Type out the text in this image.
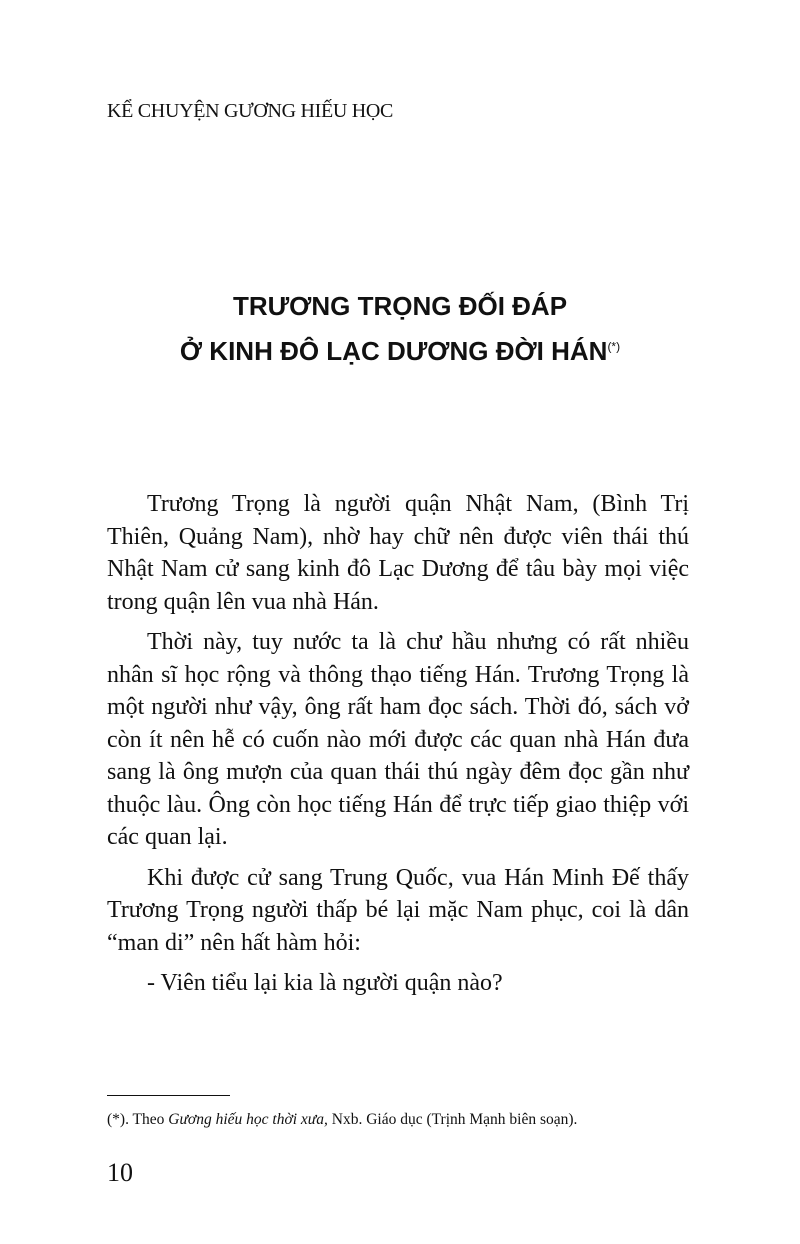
KỂ CHUYỆN GƯƠNG HIẾU HỌC
TRƯƠNG TRỌNG ĐỐI ĐÁP
Ở KINH ĐÔ LẠC DƯƠNG ĐỜI HÁN(*)

Trương Trọng là người quận Nhật Nam, (Bình Trị Thiên, Quảng Nam), nhờ hay chữ nên được viên thái thú Nhật Nam cử sang kinh đô Lạc Dương để tâu bày mọi việc trong quận lên vua nhà Hán.

Thời này, tuy nước ta là chư hầu nhưng có rất nhiều nhân sĩ học rộng và thông thạo tiếng Hán. Trương Trọng là một người như vậy, ông rất ham đọc sách. Thời đó, sách vở còn ít nên hễ có cuốn nào mới được các quan nhà Hán đưa sang là ông mượn của quan thái thú ngày đêm đọc gần như thuộc làu. Ông còn học tiếng Hán để trực tiếp giao thiệp với các quan lại.

Khi được cử sang Trung Quốc, vua Hán Minh Đế thấy Trương Trọng người thấp bé lại mặc Nam phục, coi là dân “man di” nên hất hàm hỏi:

- Viên tiểu lại kia là người quận nào?

(*). Theo Gương hiếu học thời xưa, Nxb. Giáo dục (Trịnh Mạnh biên soạn).
10
